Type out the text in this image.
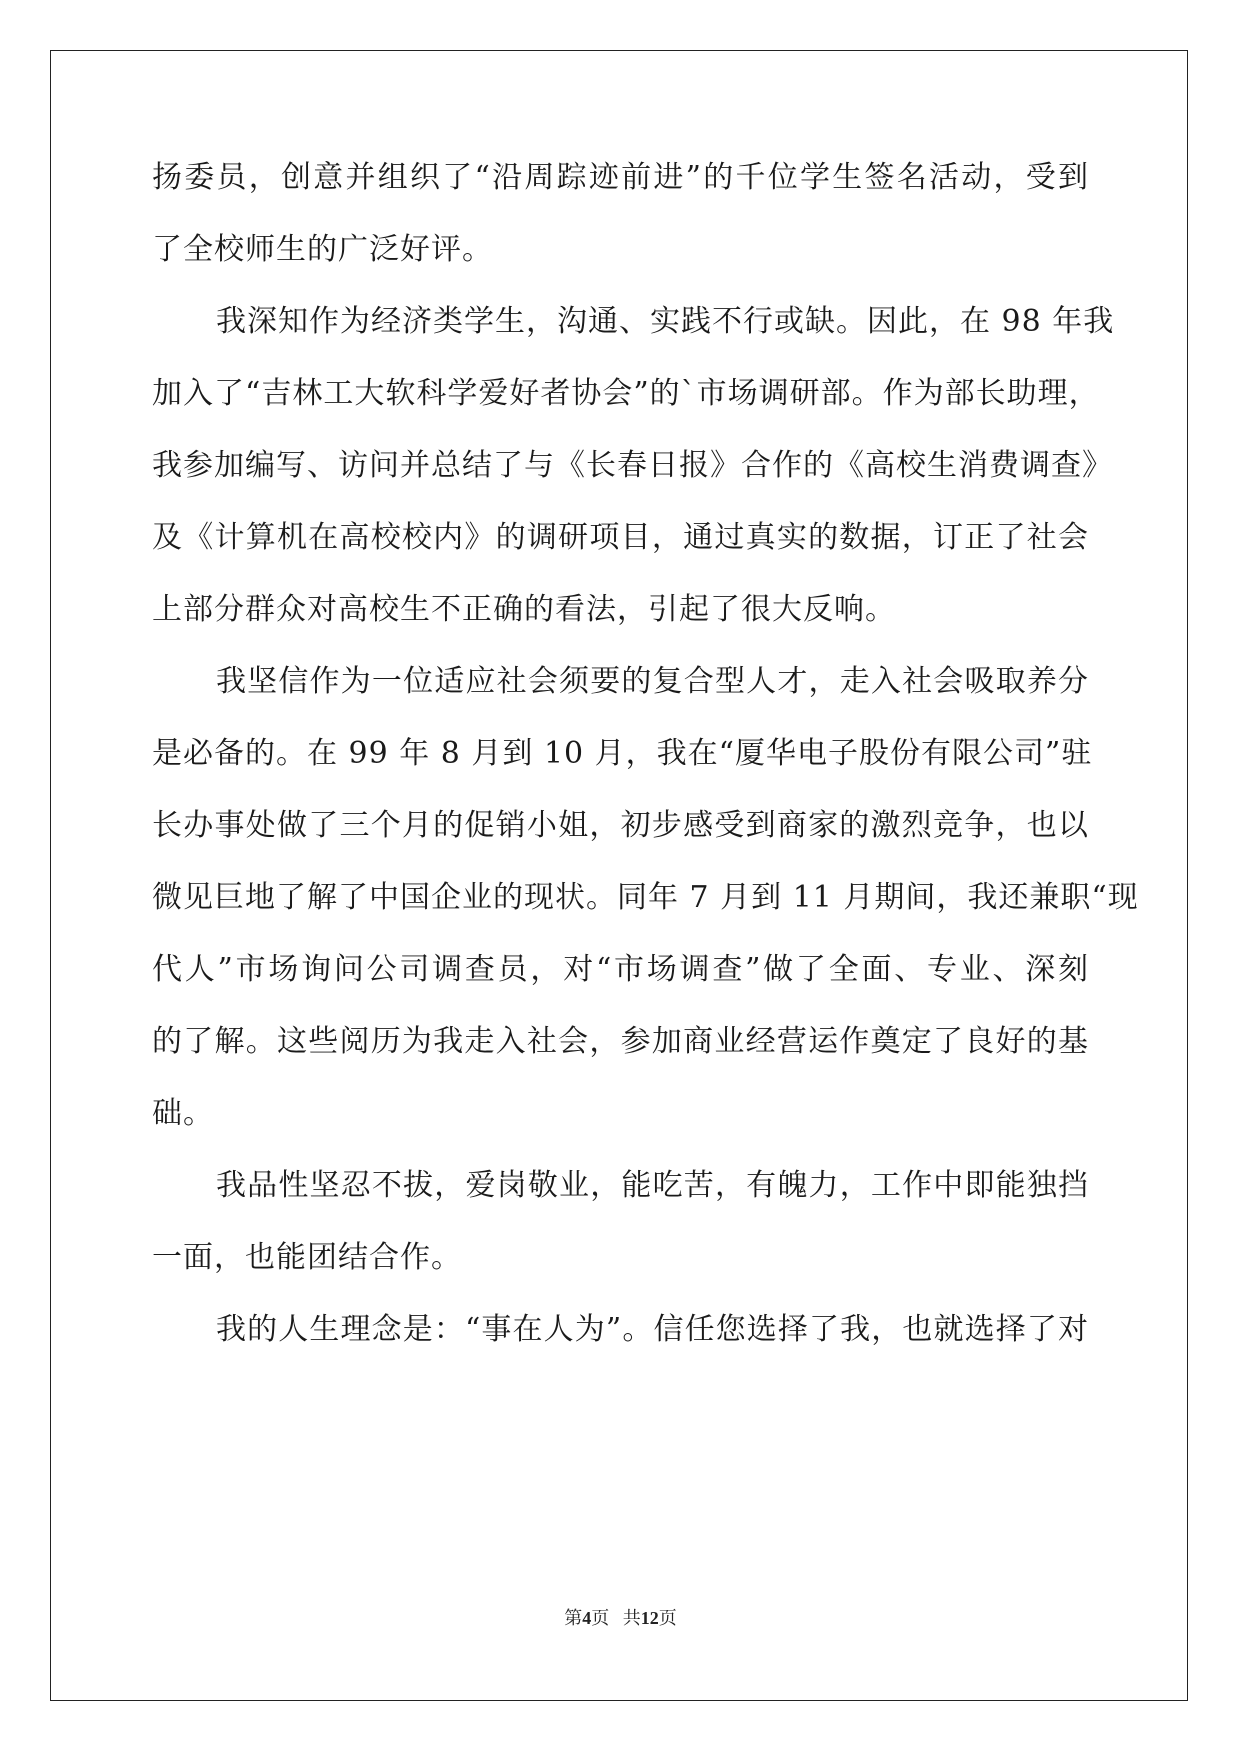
扬委员，创意并组织了“沿周踪迹前进”的千位学生签名活动，受到
了全校师生的广泛好评。
我深知作为经济类学生，沟通、实践不行或缺。因此，在 98 年我
加入了“吉林工大软科学爱好者协会”的`市场调研部。作为部长助理，
我参加编写、访问并总结了与《长春日报》合作的《高校生消费调查》
及《计算机在高校校内》的调研项目，通过真实的数据，订正了社会
上部分群众对高校生不正确的看法，引起了很大反响。
我坚信作为一位适应社会须要的复合型人才，走入社会吸取养分
是必备的。在 99 年 8 月到 10 月，我在“厦华电子股份有限公司”驻
长办事处做了三个月的促销小姐，初步感受到商家的激烈竞争，也以
微见巨地了解了中国企业的现状。同年 7 月到 11 月期间，我还兼职“现
代人”市场询问公司调查员，对“市场调查”做了全面、专业、深刻
的了解。这些阅历为我走入社会，参加商业经营运作奠定了良好的基
础。
我品性坚忍不拔，爱岗敬业，能吃苦，有魄力，工作中即能独挡
一面，也能团结合作。
我的人生理念是：“事在人为”。信任您选择了我，也就选择了对
第4页 共12页
